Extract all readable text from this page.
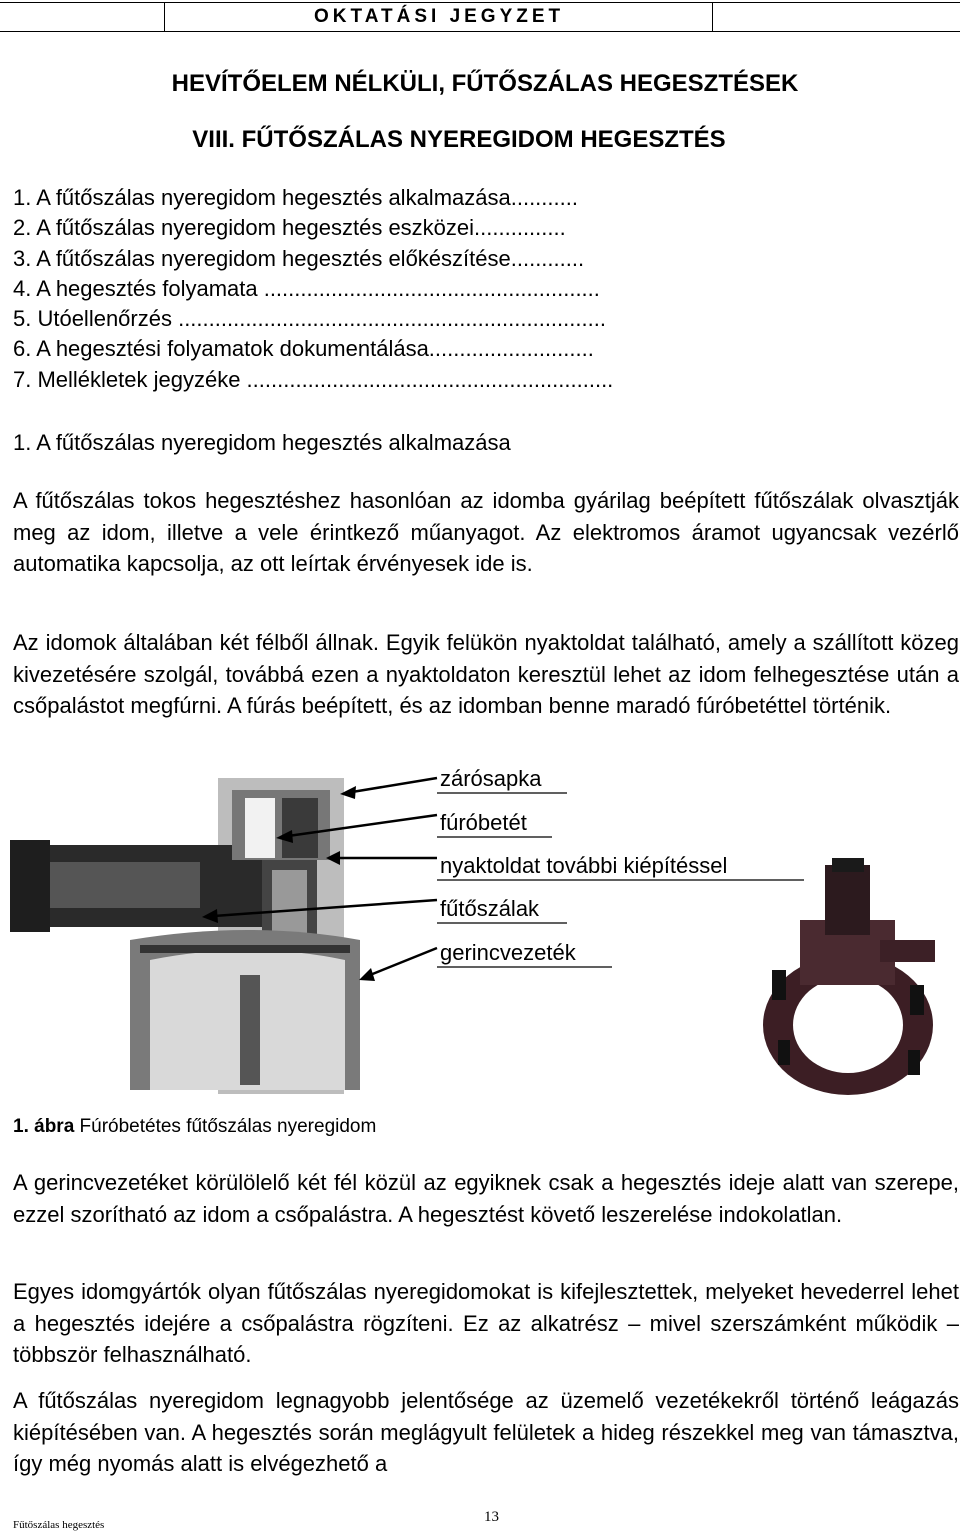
OKTATÁSI JEGYZET
HEVÍTŐELEM NÉLKÜLI, FŰTŐSZÁLAS HEGESZTÉSEK
VIII. FŰTŐSZÁLAS NYEREGIDOM HEGESZTÉS
1. A fűtőszálas nyeregidom hegesztés alkalmazása...........
2. A fűtőszálas nyeregidom hegesztés eszközei...............
3. A fűtőszálas nyeregidom hegesztés előkészítése............
4. A hegesztés folyamata .......................................................
5. Utóellenőrzés ......................................................................
6. A hegesztési folyamatok dokumentálása...........................
7. Mellékletek jegyzéke ............................................................
1. A fűtőszálas nyeregidom hegesztés alkalmazása

A fűtőszálas tokos hegesztéshez hasonlóan az idomba gyárilag beépített fűtőszálak olvasztják meg az idom, illetve a vele érintkező műanyagot. Az elektromos áramot ugyancsak vezérlő automatika kapcsolja, az ott leírtak érvényesek ide is.

Az idomok általában két félből állnak. Egyik felükön nyaktoldat található, amely a szállított közeg kivezetésére szolgál, továbbá ezen a nyaktoldaton keresztül lehet az idom felhegesztése után a csőpalástot megfúrni. A fúrás beépített, és az idomban benne maradó fúróbetéttel történik.

zárósapka
fúróbetét
nyaktoldat további kiépítéssel
fűtőszálak
gerincvezeték
1. ábra Fúróbetétes fűtőszálas nyeregidom

A gerincvezetéket körülölelő két fél közül az egyiknek csak a hegesztés ideje alatt van szerepe, ezzel szorítható az idom a csőpalástra. A hegesztést követő leszerelése indokolatlan.

Egyes idomgyártók olyan fűtőszálas nyeregidomokat is kifejlesztettek, melyeket hevederrel lehet a hegesztés idejére a csőpalástra rögzíteni. Ez az alkatrész – mivel szerszámként működik – többször felhasználható.

A fűtőszálas nyeregidom legnagyobb jelentősége az üzemelő vezetékekről történő leágazás kiépítésében van. A hegesztés során meglágyult felületek a hideg részekkel meg van támasztva, így még nyomás alatt is elvégezhető a

Fűtőszálas hegesztés	13
